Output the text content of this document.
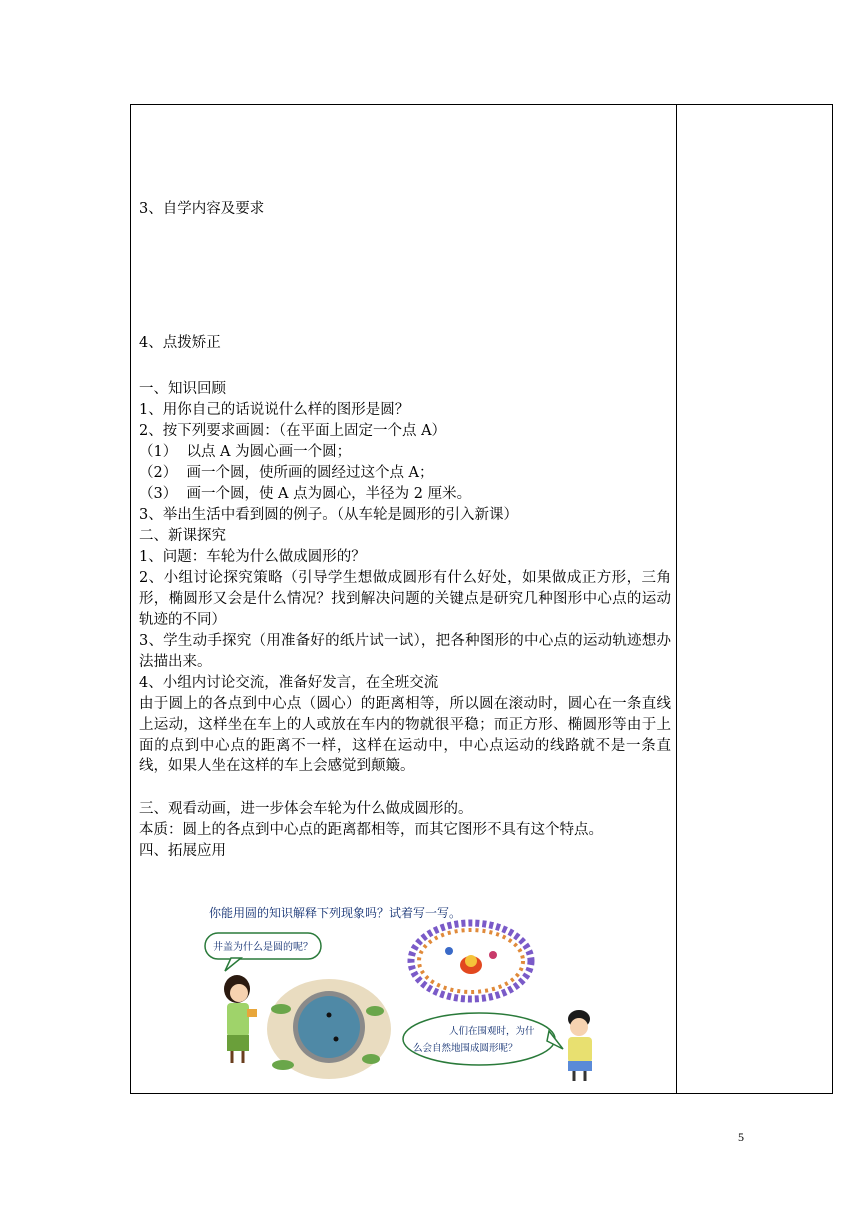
3、自学内容及要求
4、点拨矫正
一、知识回顾
1、用你自己的话说说什么样的图形是圆？
2、按下列要求画圆：（在平面上固定一个点 A）
（1）  以点 A 为圆心画一个圆；
（2）  画一个圆，使所画的圆经过这个点 A；
（3）  画一个圆，使 A 点为圆心，半径为 2 厘米。
3、举出生活中看到圆的例子。（从车轮是圆形的引入新课）
二、新课探究
1、问题：车轮为什么做成圆形的？
2、小组讨论探究策略（引导学生想做成圆形有什么好处，如果做成正方形，三角形，椭圆形又会是什么情况？找到解决问题的关键点是研究几种图形中心点的运动轨迹的不同）
3、学生动手探究（用准备好的纸片试一试），把各种图形的中心点的运动轨迹想办法描出来。
4、小组内讨论交流，准备好发言，在全班交流
由于圆上的各点到中心点（圆心）的距离相等，所以圆在滚动时，圆心在一条直线上运动，这样坐在车上的人或放在车内的物就很平稳；而正方形、椭圆形等由于上面的点到中心点的距离不一样，这样在运动中，中心点运动的线路就不是一条直线，如果人坐在这样的车上会感觉到颠簸。
三、观看动画，进一步体会车轮为什么做成圆形的。
本质：圆上的各点到中心点的距离都相等，而其它图形不具有这个特点。
四、拓展应用
你能用圆的知识解释下列现象吗？试着写一写。
井盖为什么是圆的呢？
人们在围观时，为什
么会自然地围成圆形呢？
5
